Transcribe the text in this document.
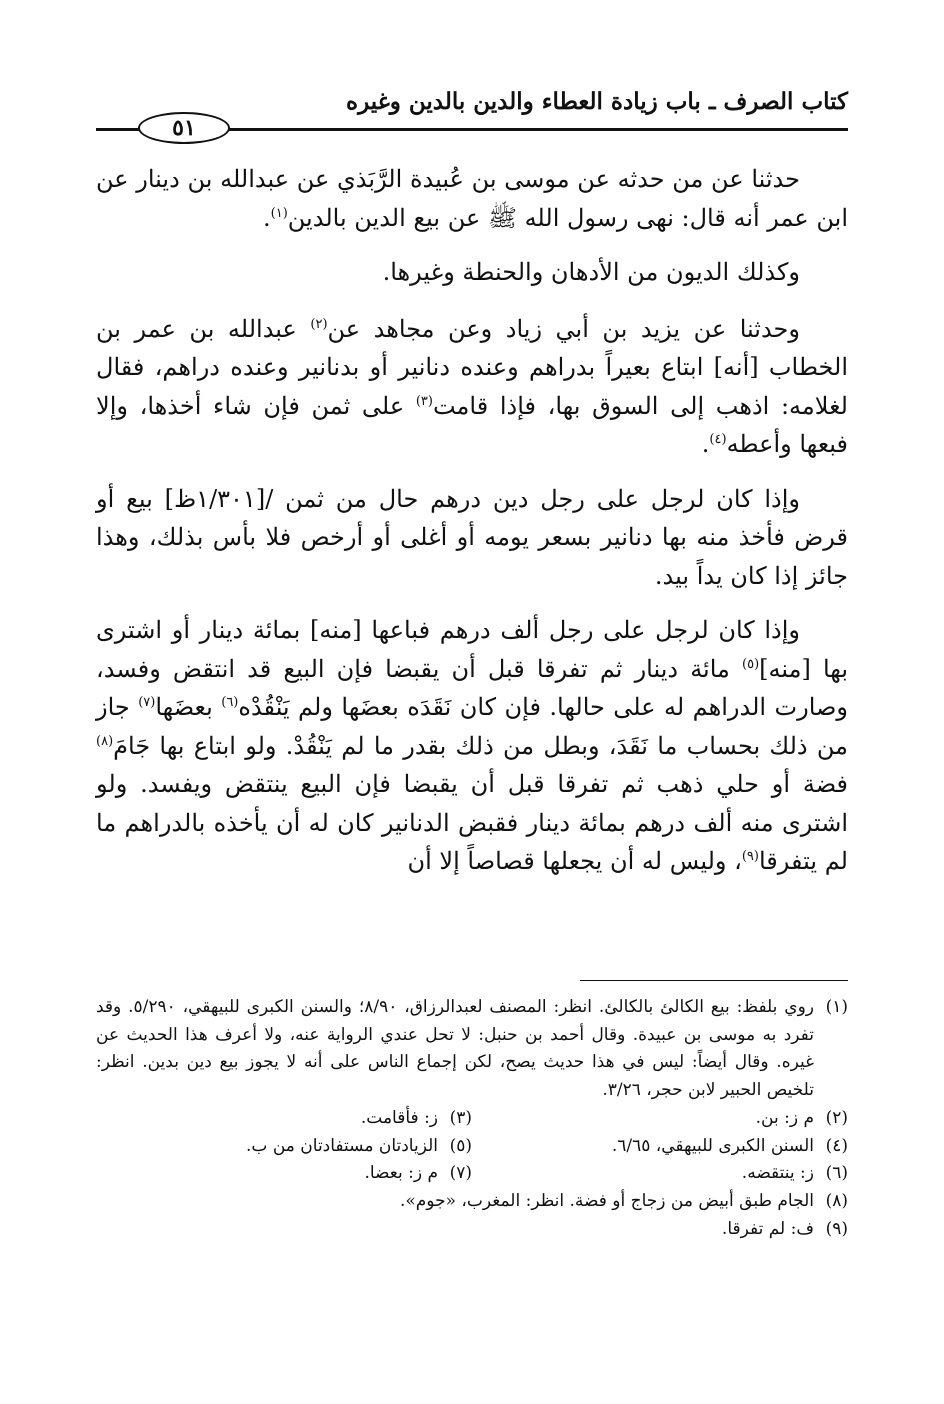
كتاب الصرف ـ باب زيادة العطاء والدين بالدين وغيره
٥١

حدثنا عن من حدثه عن موسى بن عُبيدة الرَّبَذي عن عبدالله بن دينار عن ابن عمر أنه قال: نهى رسول الله ﷺ عن بيع الدين بالدين$^{(١)}$.

وكذلك الديون من الأدهان والحنطة وغيرها.

وحدثنا عن يزيد بن أبي زياد وعن مجاهد عن$^{(٢)}$ عبدالله بن عمر بن الخطاب [أنه] ابتاع بعيراً بدراهم وعنده دنانير أو بدنانير وعنده دراهم، فقال لغلامه: اذهب إلى السوق بها، فإذا قامت$^{(٣)}$ على ثمن فإن شاء أخذها، وإلا فبعها وأعطه$^{(٤)}$.

وإذا كان لرجل على رجل دين درهم حال من ثمن /[١/٣٠١ظ] بيع أو قرض فأخذ منه بها دنانير بسعر يومه أو أغلى أو أرخص فلا بأس بذلك، وهذا جائز إذا كان يداً بيد.

وإذا كان لرجل على رجل ألف درهم فباعها [منه] بمائة دينار أو اشترى بها [منه]$^{(٥)}$ مائة دينار ثم تفرقا قبل أن يقبضا فإن البيع قد انتقض وفسد، وصارت الدراهم له على حالها. فإن كان نَقَدَه بعضَها ولم يَنْقُدْه$^{(٦)}$ بعضَها$^{(٧)}$ جاز من ذلك بحساب ما نَقَدَ، وبطل من ذلك بقدر ما لم يَنْقُدْ. ولو ابتاع بها جَامَ$^{(٨)}$ فضة أو حلي ذهب ثم تفرقا قبل أن يقبضا فإن البيع ينتقض ويفسد. ولو اشترى منه ألف درهم بمائة دينار فقبض الدنانير كان له أن يأخذه بالدراهم ما لم يتفرقا$^{(٩)}$، وليس له أن يجعلها قصاصاً إلا أن

(١)
روي بلفظ: بيع الكالئ بالكالئ. انظر: المصنف لعبدالرزاق، ٨/٩٠؛ والسنن الكبرى للبيهقي، ٥/٢٩٠. وقد تفرد به موسى بن عبيدة. وقال أحمد بن حنبل: لا تحل عندي الرواية عنه، ولا أعرف هذا الحديث عن غيره. وقال أيضاً: ليس في هذا حديث يصح، لكن إجماع الناس على أنه لا يجوز بيع دين بدين. انظر: تلخيص الحبير لابن حجر، ٣/٢٦.
(٢)
م ز: بن.
(٣)
ز: فأقامت.
(٤)
السنن الكبرى للبيهقي، ٦/٦٥.
(٥)
الزيادتان مستفادتان من ب.
(٦)
ز: ينتقضه.
(٧)
م ز: بعضا.
(٨)
الجام طبق أبيض من زجاج أو فضة. انظر: المغرب، «جوم».
(٩)
ف: لم تفرقا.
